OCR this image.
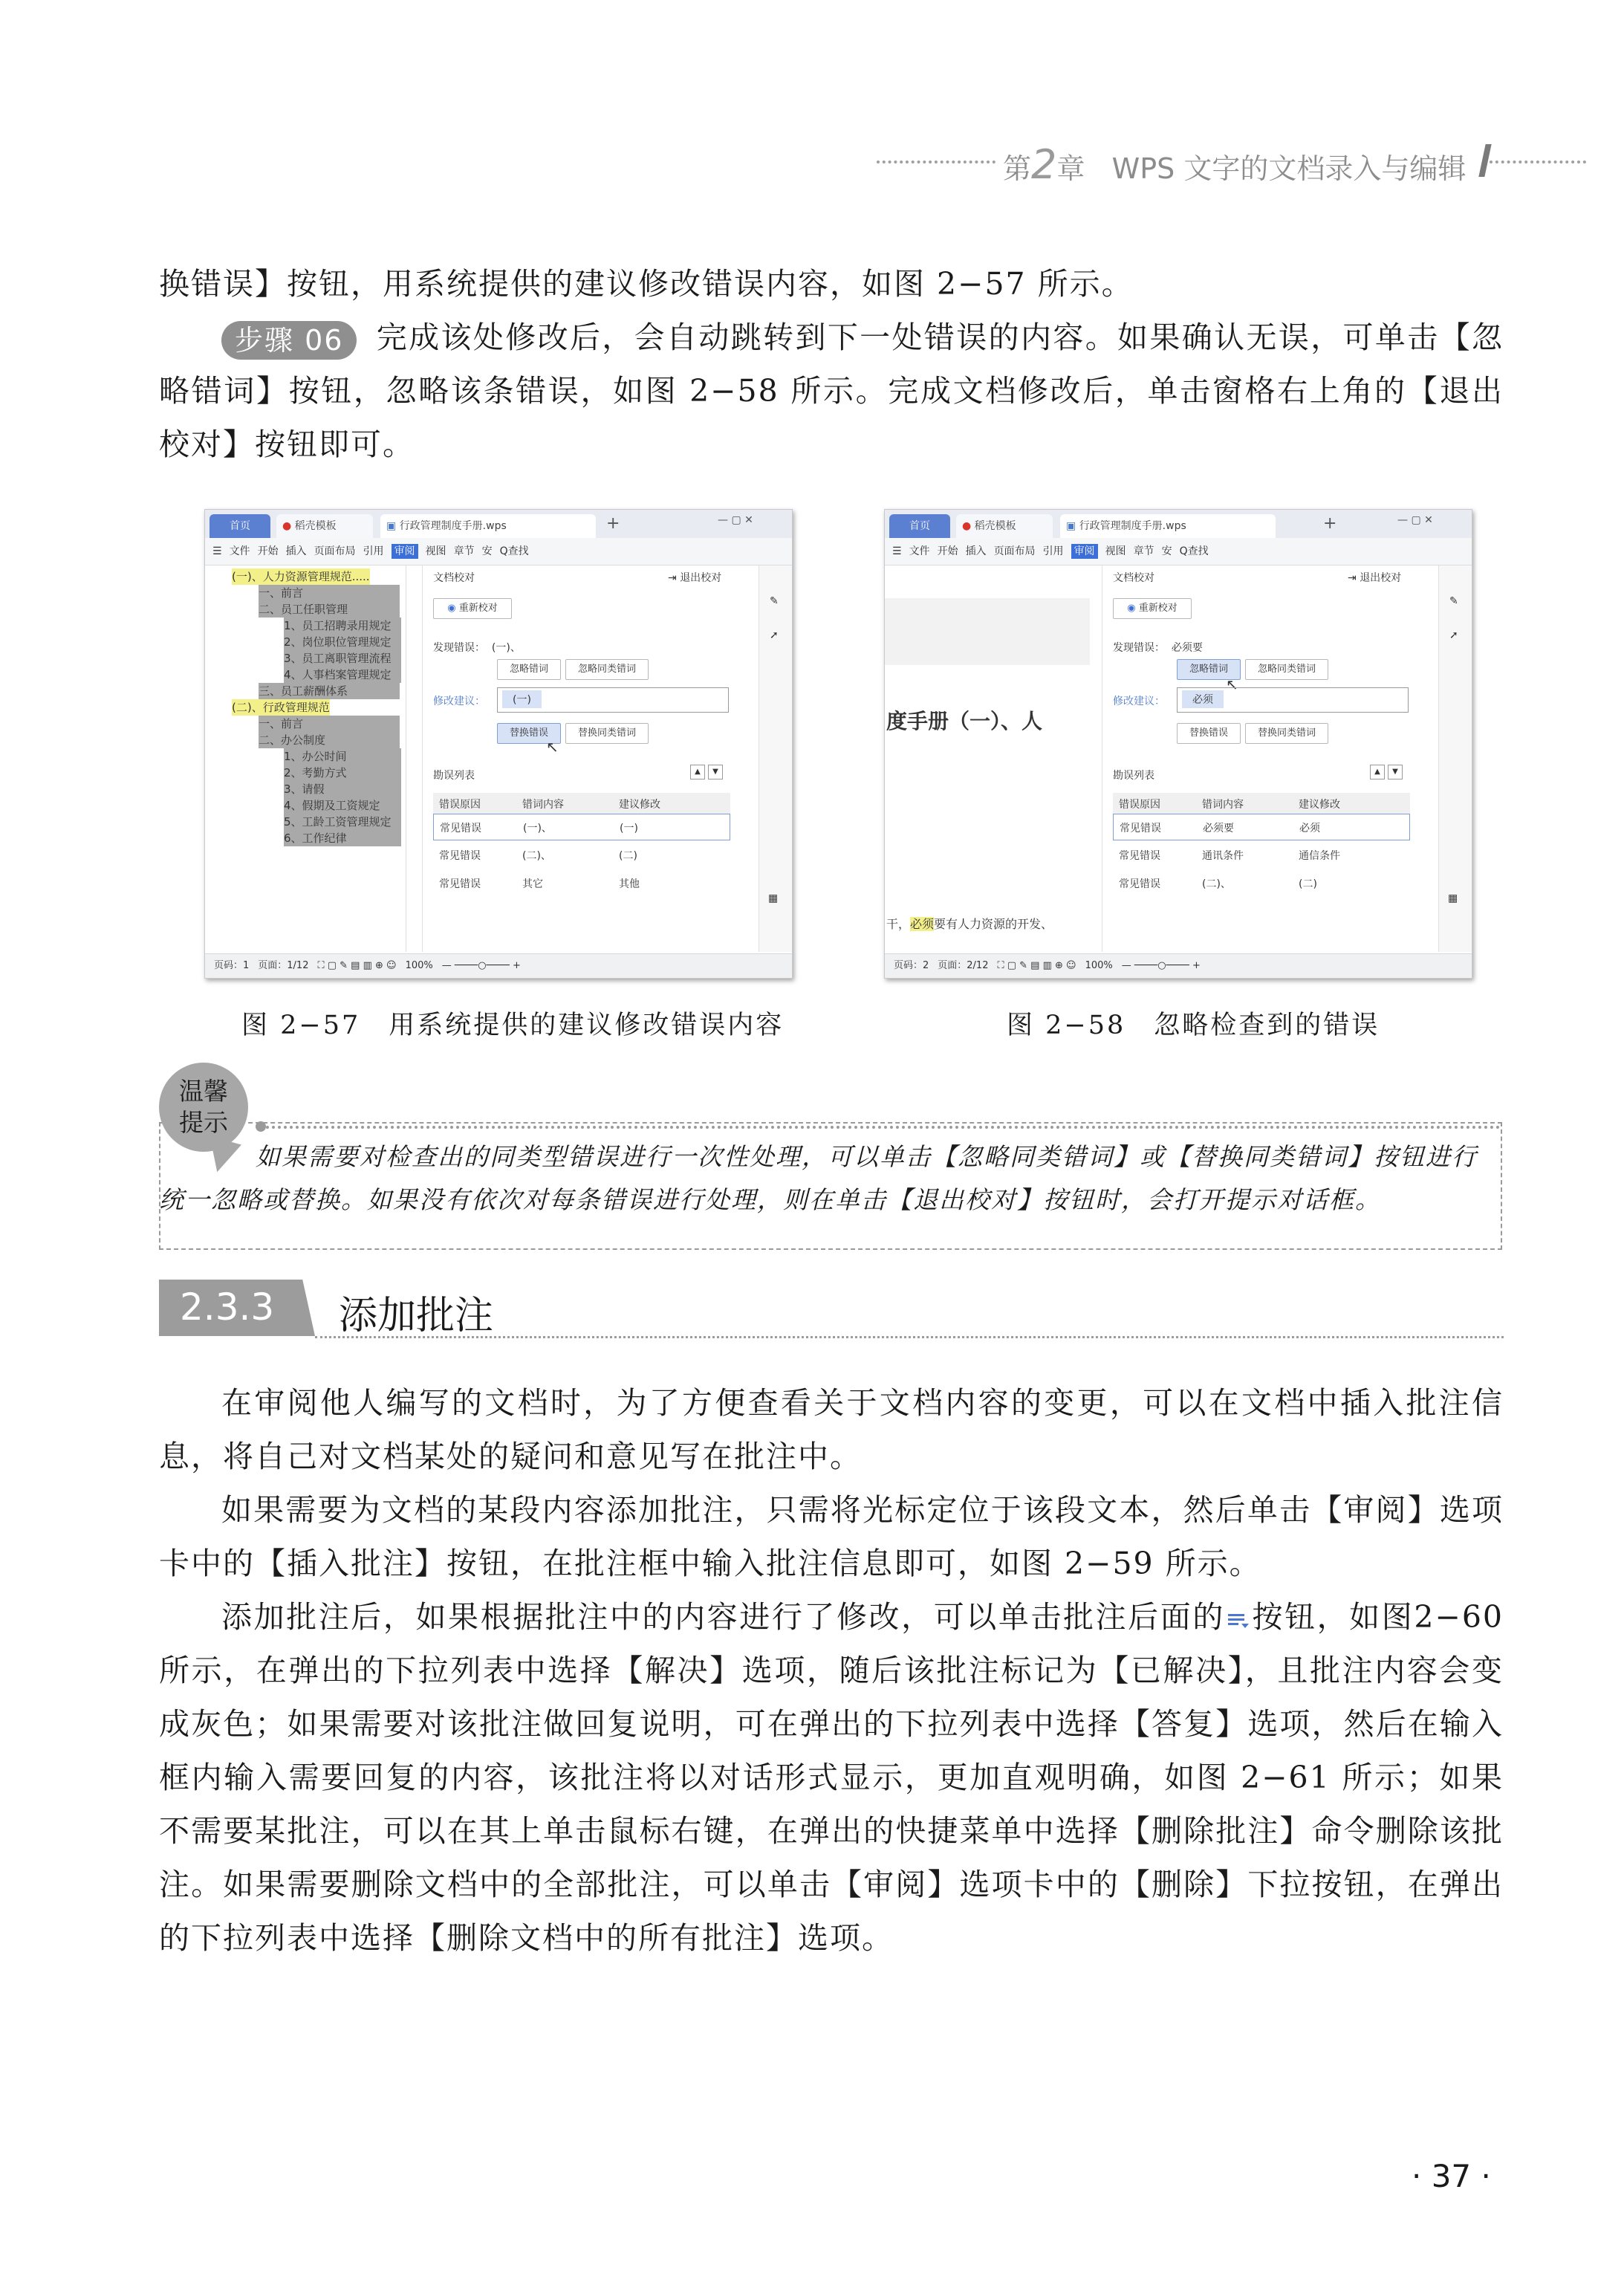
第2章 WPS 文字的文档录入与编辑
换错误】按钮，用系统提供的建议修改错误内容，如图 2−57 所示。
步骤 06 完成该处修改后，会自动跳转到下一处错误的内容。如果确认无误，可单击【忽略错词】按钮，忽略该条错误，如图 2−58 所示。完成文档修改后，单击窗格右上角的【退出校对】按钮即可。
首页	● 稻壳模板	▣ 行政管理制度手册.wps	+	— ▢ ✕
☰ 文件 开始 插入 页面布局 引用 审阅 视图 章节 安 Q查找
(一)、人力资源管理规范.....
一、前言
二、员工任职管理
1、员工招聘录用规定
2、岗位职位管理规定
3、员工离职管理流程
4、人事档案管理规定
三、员工薪酬体系
(二)、行政管理规范
一、前言
二、办公制度
1、办公时间
2、考勤方式
3、请假
4、假期及工资规定
5、工龄工资管理规定
6、工作纪律
文档校对	⇥ 退出校对
◉ 重新校对
发现错误： (一)、
忽略错词	忽略同类错词
修改建议：	(一)
替换错误	替换同类错词
↖
勘误列表	▲	▼
错误原因	错词内容	建议修改
常见错误	(一)、	(一)
常见错误	(二)、	(二)
常见错误	其它	其他
✎
➚
▦
页码：1 页面：1/12 ⛶ ▢ ✎ ▤ ▥ ⊕ ☺ 100% — ────○──── +
首页	● 稻壳模板	▣ 行政管理制度手册.wps	+	— ▢ ✕
☰ 文件 开始 插入 页面布局 引用 审阅 视图 章节 安 Q查找
度手册（一）、人
干，必须要有人力资源的开发、
文档校对	⇥ 退出校对
◉ 重新校对
发现错误： 必须要
忽略错词	忽略同类错词
↖
修改建议：	必须
替换错误	替换同类错词
勘误列表	▲	▼
错误原因	错词内容	建议修改
常见错误	必须要	必须
常见错误	通讯条件	通信条件
常见错误	(二)、	(二)
✎
➚
▦
页码：2 页面：2/12 ⛶ ▢ ✎ ▤ ▥ ⊕ ☺ 100% — ────○──── +
图 2−57　用系统提供的建议修改错误内容	图 2−58　忽略检查到的错误
温馨
提示
如果需要对检查出的同类型错误进行一次性处理，可以单击【忽略同类错词】或【替换同类错词】按钮进行统一忽略或替换。如果没有依次对每条错误进行处理，则在单击【退出校对】按钮时，会打开提示对话框。
2.3.3 添加批注
在审阅他人编写的文档时，为了方便查看关于文档内容的变更，可以在文档中插入批注信息，将自己对文档某处的疑问和意见写在批注中。
如果需要为文档的某段内容添加批注，只需将光标定位于该段文本，然后单击【审阅】选项卡中的【插入批注】按钮，在批注框中输入批注信息即可，如图 2−59 所示。
添加批注后，如果根据批注中的内容进行了修改，可以单击批注后面的 按钮，如图2−60 所示，在弹出的下拉列表中选择【解决】选项，随后该批注标记为【已解决】，且批注内容会变成灰色；如果需要对该批注做回复说明，可在弹出的下拉列表中选择【答复】选项，然后在输入框内输入需要回复的内容，该批注将以对话形式显示，更加直观明确，如图 2−61 所示；如果不需要某批注，可以在其上单击鼠标右键，在弹出的快捷菜单中选择【删除批注】命令删除该批注。如果需要删除文档中的全部批注，可以单击【审阅】选项卡中的【删除】下拉按钮，在弹出的下拉列表中选择【删除文档中的所有批注】选项。
· 37 ·
